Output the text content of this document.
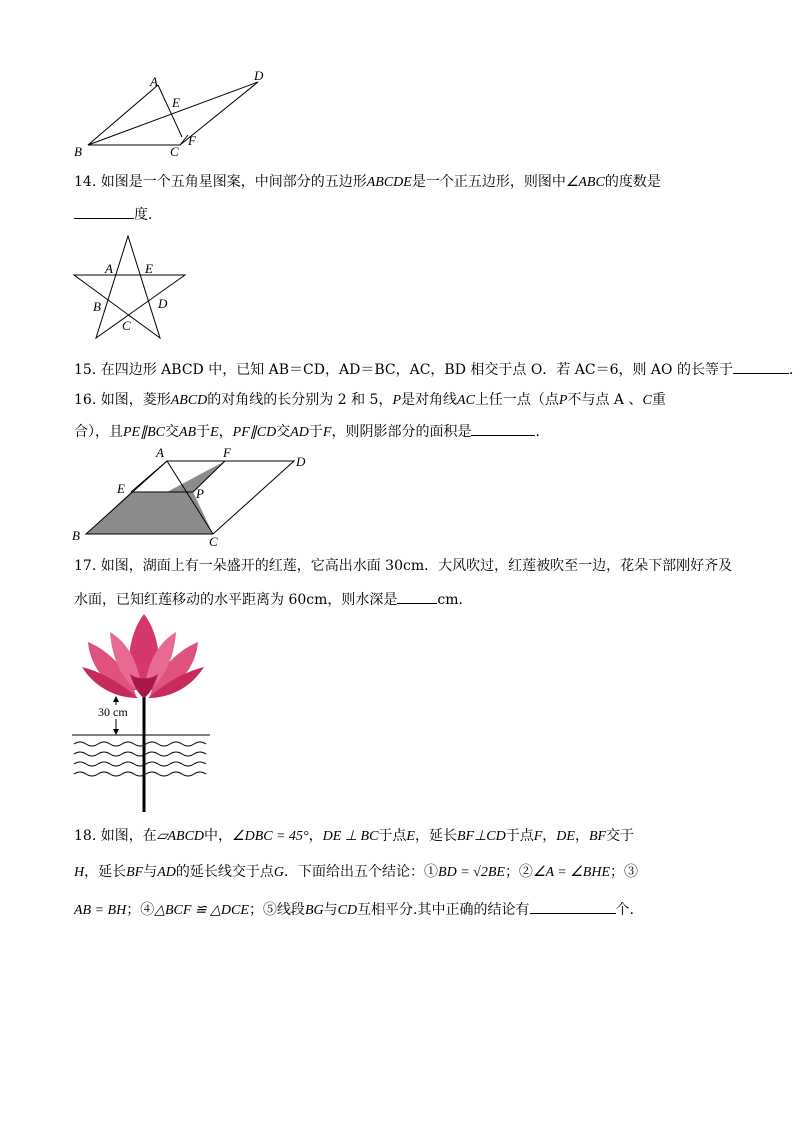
A
B	C
D
E
F
14. 如图是一个五角星图案，中间部分的五边形ABCDE是一个正五边形，则图中∠ABC的度数是
度．
A E
B	D
C
15. 在四边形 ABCD 中，已知 AB＝CD，AD＝BC，AC，BD 相交于点 O．若 AC＝6，则 AO 的长等于	．
16. 如图，菱形ABCD的对角线的长分别为 2 和 5，P是对角线AC上任一点（点P不与点 A 、C重
合），且PE∥BC交AB于E，PF∥CD交AD于F，则阴影部分的面积是	．
A	F
D
E	P
B	C
17. 如图，湖面上有一朵盛开的红莲，它高出水面 30cm．大风吹过，红莲被吹至一边，花朵下部刚好齐及
水面，已知红莲移动的水平距离为 60cm，则水深是	cm．
30 cm
18. 如图，在▱ABCD中，∠DBC = 45°，DE ⊥ BC于点E，延长BF⊥CD于点F，DE，BF交于
H，延长BF与AD的延长线交于点G．下面给出五个结论：①BD = √2BE；②∠A = ∠BHE；③
AB = BH；④△BCF ≌ △DCE；⑤线段BG与CD互相平分.其中正确的结论有	个.
